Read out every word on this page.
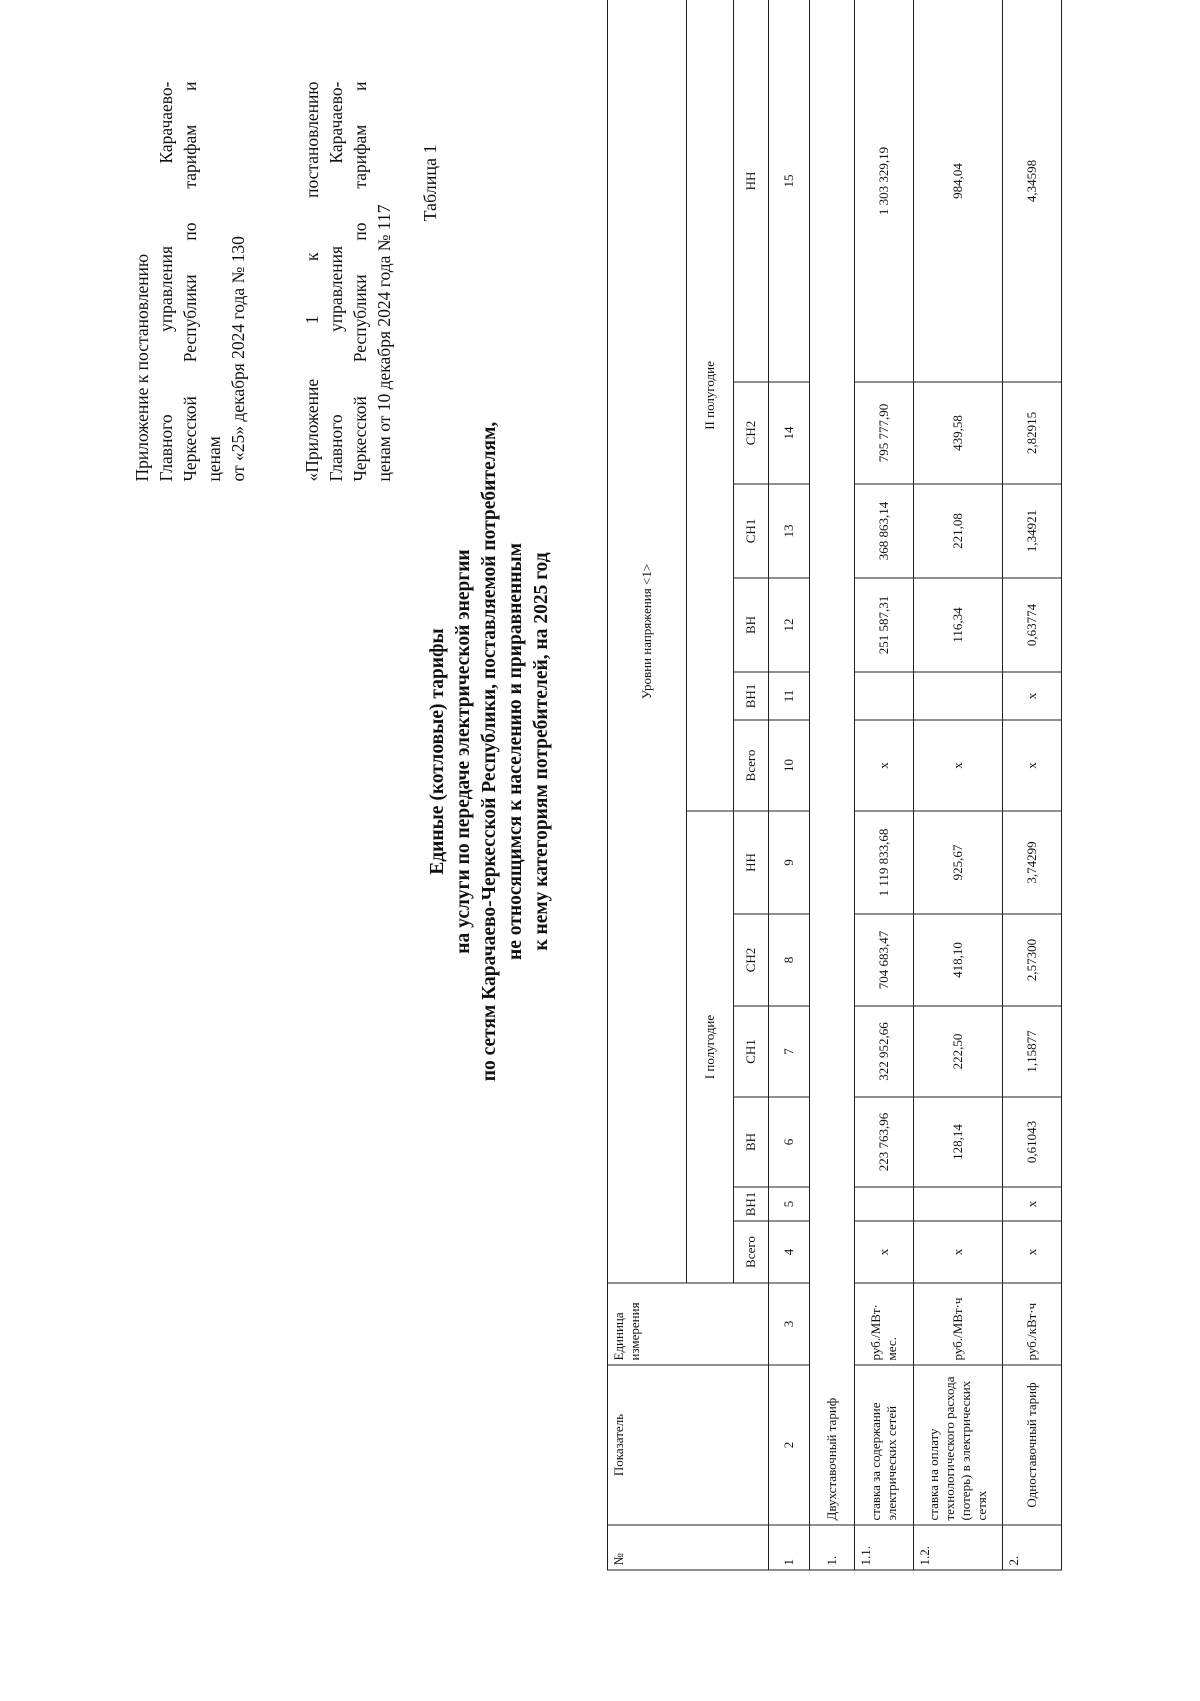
Приложение к постановлению Главного управления Карачаево- Черкесской Республики по тарифам и ценам от «25» декабря 2024 года № 130	«Приложение 1 к постановлению Главного управления Карачаево- Черкесской Республики по тарифам и ценам от 10 декабря 2024 года № 117
Таблица 1
Единые (котловые) тарифы на услуги по передаче электрической энергии по сетям Карачаево-Черкесской Республики, поставляемой потребителям, не относящимся к населению и приравненным к нему категориям потребителей, на 2025 год
№	Показатель	Единица измерения	Уровни напряжения <1>											
			I полугодие						II полугодие					
			Всего	ВН1	ВН	СН1	СН2	НН	Всего	ВН1	ВН	СН1	СН2	НН
1	2	3	4	5	6	7	8	9	10	11	12	13	14	15
1.	Двухставочный тариф													
1.1.	ставка за содержание электрических сетей	руб./МВт· мес.	x		223 763,96	322 952,66	704 683,47	1 119 833,68	x		251 587,31	368 863,14	795 777,90	1 303 329,19
1.2.	ставка на оплату технологического расхода (потерь) в электрических сетях	руб./МВт·ч	x		128,14	222,50	418,10	925,67	x		116,34	221,08	439,58	984,04
2.	Одноставочный тариф	руб./кВт·ч	x	x	0,61043	1,15877	2,57300	3,74299	x	x	0,63774	1,34921	2,82915	4,34598
